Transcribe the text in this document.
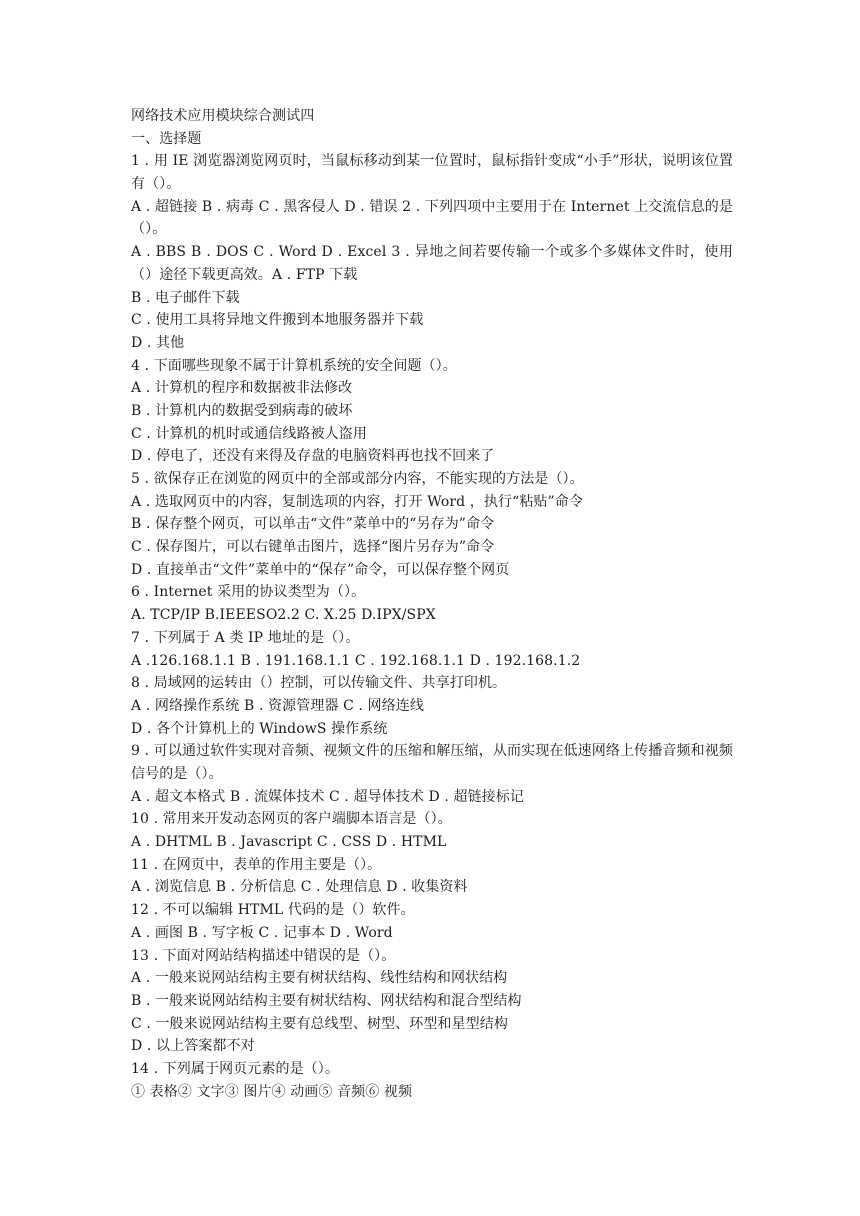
网络技术应用模块综合测试四
一、选择题
1 . 用 IE 浏览器浏览网页时，当鼠标移动到某一位置时，鼠标指针变成“小手”形状，说明该位置有（）。
A . 超链接 B . 病毒 C . 黑客侵人 D . 错误 2 . 下列四项中主要用于在 Internet 上交流信息的是（）。
A . BBS B . DOS C . Word D . Excel 3 . 异地之间若要传输一个或多个多媒体文件时，使用（）途径下载更高效。A . FTP 下载
B . 电子邮件下载
C . 使用工具将异地文件搬到本地服务器并下载
D . 其他
4 . 下面哪些现象不属于计算机系统的安全间题（）。
A . 计算机的程序和数据被非法修改
B . 计算机内的数据受到病毒的破坏
C . 计算机的机时或通信线路被人盗用
D . 停电了，还没有来得及存盘的电脑资料再也找不回来了
5 . 欲保存正在浏览的网页中的全部或部分内容，不能实现的方法是（）。
A . 选取网页中的内容，复制选项的内容，打开 Word ，执行“粘贴”命令
B . 保存整个网页，可以单击“文件”菜单中的“另存为”命令
C . 保存图片，可以右键单击图片，选择“图片另存为”命令
D . 直接单击“文件”菜单中的“保存”命令，可以保存整个网页
6 . Internet 采用的协议类型为（）。
A. TCP/IP B.IEEESO2.2 C. X.25 D.IPX/SPX
7 . 下列属于 A 类 IP 地址的是（）。
A .126.168.1.1 B . 191.168.1.1 C . 192.168.1.1 D . 192.168.1.2
8 . 局域网的运转由（）控制，可以传输文件、共享打印机。
A . 网络操作系统 B . 资源管理器 C . 网络连线
D . 各个计算机上的 WindowS 操作系统
9 . 可以通过软件实现对音频、视频文件的压缩和解压缩，从而实现在低速网络上传播音频和视频信号的是（）。
A . 超文本格式 B . 流媒体技术 C . 超导体技术 D . 超链接标记
10 . 常用来开发动态网页的客户端脚本语言是（）。
A . DHTML B . Javascript C . CSS D . HTML
11 . 在网页中，表单的作用主要是（）。
A . 浏览信息 B . 分析信息 C . 处理信息 D . 收集资料
12 . 不可以编辑 HTML 代码的是（）软件。
A . 画图 B . 写字板 C . 记事本 D . Word
13 . 下面对网站结构描述中错误的是（）。
A . 一般来说网站结构主要有树状结构、线性结构和网状结构
B . 一般来说网站结构主要有树状结构、网状结构和混合型结构
C . 一般来说网站结构主要有总线型、树型、环型和星型结构
D . 以上答案都不对
14 . 下列属于网页元素的是（）。
① 表格② 文字③ 图片④ 动画⑤ 音频⑥ 视频
